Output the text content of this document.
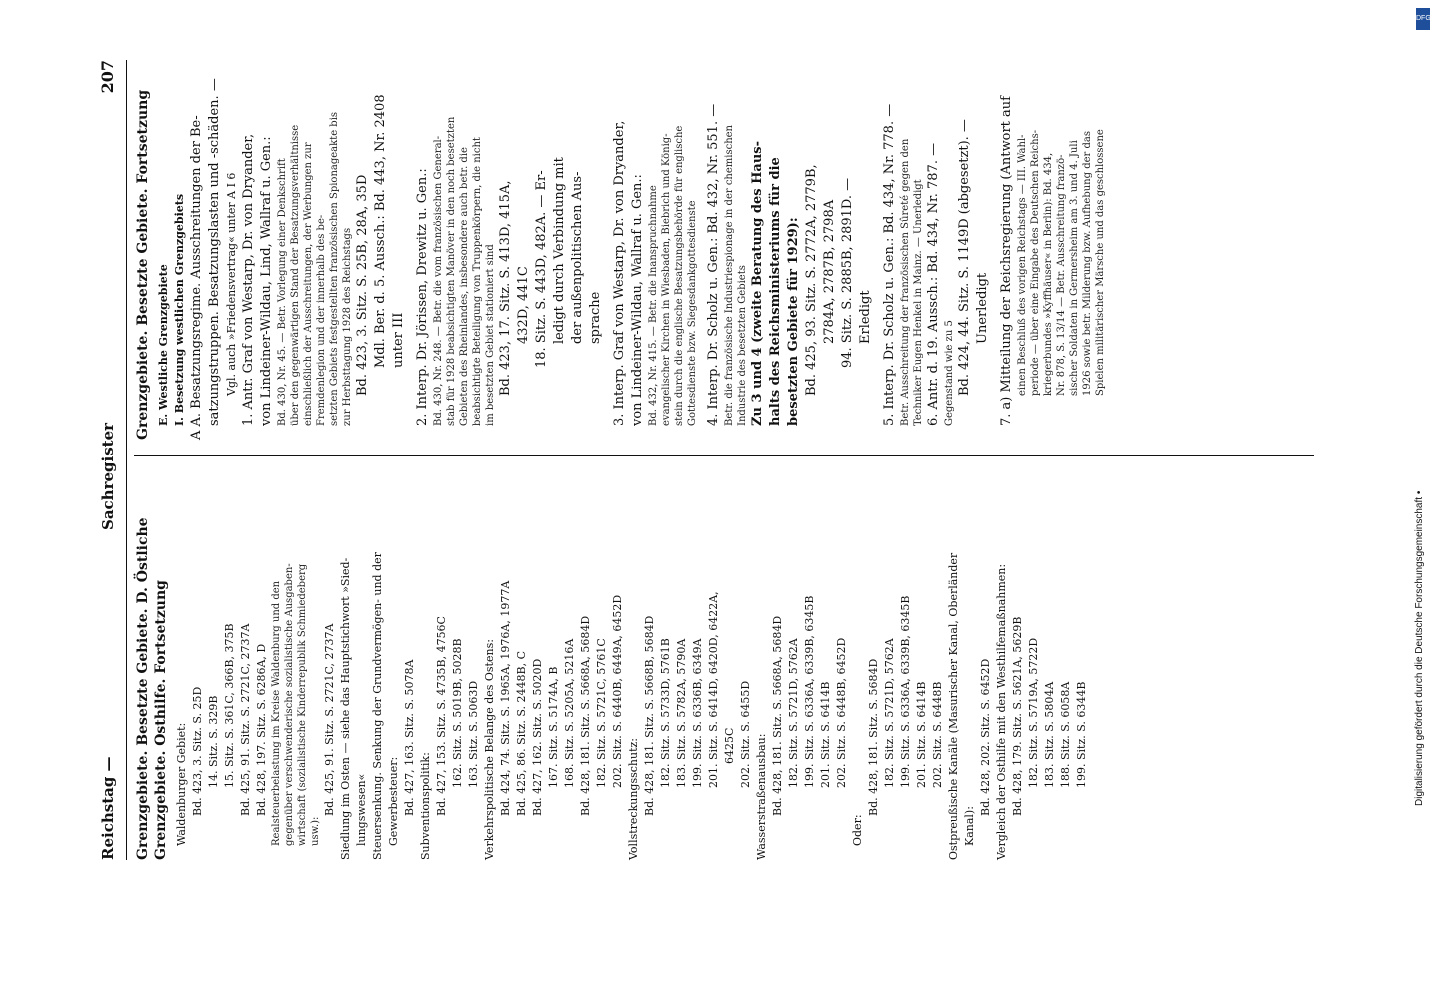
Reichstag —
Sachregister
207
Grenzgebiete. Besetzte Gebiete. D. Östliche Grenzgebiete. Osthilfe. Fortsetzung Waldenburger Gebiet: Bd. 423, 3. Sitz. S. 25D 14. Sitz. S. 329B 15. Sitz. S. 361C, 366B, 375B Bd. 425, 91. Sitz. S. 2721C, 2737A Bd. 428, 197. Sitz. S. 6286A, D Realsteuerbelastung im Kreise Waldenburg und den gegenüber verschwenderische sozialistische Ausgaben- wirtschaft (sozialistische Kinderrepublik Schmiedeberg usw.):
Bd. 425, 91. Sitz. S. 2721C, 2737A Siedlung im Osten — siehe das Hauptstichwort »Sied- lungswesen« Steuersenkung. Senkung der Grundvermögen- und der Gewerbesteuer: Bd. 427, 163. Sitz. S. 5078A Subventionspolitik: Bd. 427, 153. Sitz. S. 4735B, 4756C 162. Sitz. S. 5019B, 5028B 163. Sitz. S. 5063D Verkehrspolitische Belange des Ostens: Bd. 424, 74. Sitz. S. 1965A, 1976A, 1977A Bd. 425, 86. Sitz. S. 2448B, C Bd. 427, 162. Sitz. S. 5020D 167. Sitz. S. 5174A, B 168. Sitz. S. 5205A, 5216A Bd. 428, 181. Sitz. S. 5668A, 5684D 182. Sitz. S. 5721C, 5761C 202. Sitz. S. 6440B, 6449A, 6452D
Vollstreckungsschutz: Bd. 428, 181. Sitz. S. 5668B, 5684D 182. Sitz. S. 5733D, 5761B 183. Sitz. S. 5782A, 5790A 199. Sitz. S. 6336B, 6349A 201. Sitz. S. 6414D, 6420D, 6422A, 6425C 202. Sitz. S. 6455D Wasserstraßenausbau: Bd. 428, 181. Sitz. S. 5668A, 5684D 182. Sitz. S. 5721D, 5762A 199. Sitz. S. 6336A, 6339B, 6345B 201. Sitz. S. 6414B 202. Sitz. S. 6448B, 6452D
Oder:
Bd. 428, 181. Sitz. S. 5684D 182. Sitz. S. 5721D, 5762A 199. Sitz. S. 6336A, 6339B, 6345B 201. Sitz. S. 6414B 202. Sitz. S. 6448B Ostpreußische Kanäle (Masurischer Kanal, Oberländer Kanal):
Bd. 428, 202. Sitz. S. 6452D Vergleich der Osthilfe mit den Westhilfemaßnahmen: Bd. 428, 179. Sitz. S. 5621A, 5629B 182. Sitz. S. 5719A, 5722D 183. Sitz. S. 5804A 188. Sitz. S. 6058A 199. Sitz. S. 6344B
Grenzgebiete. Besetzte Gebiete. Fortsetzung E. Westliche Grenzgebiete I. Besetzung westlichen Grenzgebiets A A. Besatzungsregime. Ausschreitungen der Be- satzungstruppen. Besatzungslasten und -schäden. — Vgl. auch »Friedensvertrag« unter A I 6 1. Antr. Graf von Westarp, Dr. von Dryander, von Lindeiner-Wildau, Lind, Wallraf u. Gen.: Bd. 430, Nr. 45. — Betr. Vorlegung einer Denkschrift über den gegenwärtigen Stand der Besatzungsverhältnisse einschließlich der Ausschreitungen, der Werbungen zur Fremdenlegion und der innerhalb des be- setzten Gebiets festgestellten französischen Spionageakte bis zur Herbsttagung 1928 des Reichstags Bd. 423, 3. Sitz. S. 25B, 28A, 35D Mdl. Ber. d. 5. Aussch.: Bd. 443, Nr. 2408 unter III 2. Interp. Dr. Jörissen, Drewitz u. Gen.: Bd. 430, Nr. 248. — Betr. die vom französischen General- stab für 1928 beabsichtigten Manöver in den noch besetzten Gebieten des Rheinlandes, insbesondere auch betr. die beabsichtigte Beteiligung von Truppenkörpern, die nicht im besetzten Gebiet stationiert sind Bd. 423, 17. Sitz. S. 413D, 415A, 432D, 441C 18. Sitz. S. 443D, 482A. — Er- ledigt durch Verbindung mit der außenpolitischen Aus- sprache 3. Interp. Graf von Westarp, Dr. von Dryander, von Lindeiner-Wildau, Wallraf u. Gen.: Bd. 432, Nr. 415. — Betr. die Inanspruchnahme evangelischer Kirchen in Wiesbaden, Biebrich und König- stein durch die englische Besatzungsbehörde für englische Gottesdienste bzw. Siegesdankgottesdienste 4. Interp. Dr. Scholz u. Gen.: Bd. 432, Nr. 551. — Betr. die französische Industriespionage in der chemischen Industrie des besetzten Gebiets Zu 3 und 4 (zweite Beratung des Haus- halts des Reichsministeriums für die besetzten Gebiete für 1929): Bd. 425, 93. Sitz. S. 2772A, 2779B, 2784A, 2787B, 2798A 94. Sitz. S. 2885B, 2891D. — Erledigt 5. Interp. Dr. Scholz u. Gen.: Bd. 434, Nr. 778. — Betr. Ausschreitung der französischen Sûreté gegen den Techniker Eugen Henkel in Mainz. — Unerledigt 6. Antr. d. 19. Aussch.: Bd. 434, Nr. 787. — Gegenstand wie zu 5 Bd. 424, 44. Sitz. S. 1149D (abgesetzt). — Unerledigt 7. a) Mitteilung der Reichsregierung (Antwort auf einen Beschluß des vorigen Reichstags — III. Wahl- periode — über eine Eingabe des Deutschen Reichs- kriegerbundes »Kyffhäuser« in Berlin): Bd. 434, Nr. 878, S. 13/14 — Betr. Ausschreitung franzö- sischer Soldaten in Germersheim am 3. und 4. Juli 1926 sowie betr. Milderung bzw. Aufhebung der das Spielen militärischer Märsche und das geschlossene
Digitalisierung gefördert durch die Deutsche Forschungsgemeinschaft •
DFG
